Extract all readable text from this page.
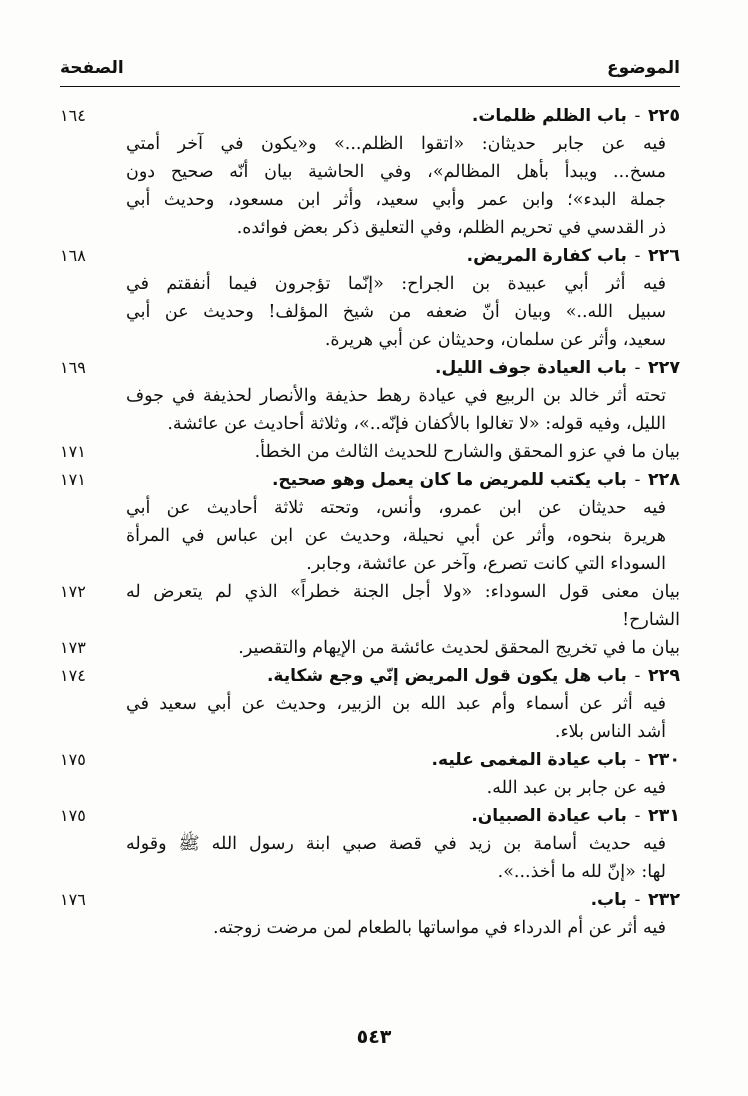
الموضوع
الصفحة
٢٢٥ - باب الظلم ظلمات.
١٦٤
فيه عن جابر حديثان: «اتقوا الظلم...» و«يكون في آخر أمتي
مسخ... ويبدأ بأهل المظالم»، وفي الحاشية بيان أنّه صحيح دون
جملة البدء»؛ وابن عمر وأبي سعيد، وأثر ابن مسعود، وحديث أبي
ذر القدسي في تحريم الظلم، وفي التعليق ذكر بعض فوائده.
٢٢٦ - باب كفارة المريض.
١٦٨
فيه أثر أبي عبيدة بن الجراح: «إنّما تؤجرون فيما أنفقتم في
سبيل الله..» وبيان أنّ ضعفه من شيخ المؤلف! وحديث عن أبي
سعيد، وأثر عن سلمان، وحديثان عن أبي هريرة.
٢٢٧ - باب العيادة جوف الليل.
١٦٩
تحته أثر خالد بن الربيع في عيادة رهط حذيفة والأنصار لحذيفة في جوف
الليل، وفيه قوله: «لا تغالوا بالأكفان فإنّه..»، وثلاثة أحاديث عن عائشة.
بيان ما في عزو المحقق والشارح للحديث الثالث من الخطأ.
١٧١
٢٢٨ - باب يكتب للمريض ما كان يعمل وهو صحيح.
١٧١
فيه حديثان عن ابن عمرو، وأنس، وتحته ثلاثة أحاديث عن أبي
هريرة بنحوه، وأثر عن أبي نحيلة، وحديث عن ابن عباس في المرأة
السوداء التي كانت تصرع، وآخر عن عائشة، وجابر.
بيان معنى قول السوداء: «ولا أجل الجنة خطراً» الذي لم يتعرض له
١٧٢
الشارح!
بيان ما في تخريج المحقق لحديث عائشة من الإيهام والتقصير.
١٧٣
٢٢٩ - باب هل يكون قول المريض إنّي وجع شكاية.
١٧٤
فيه أثر عن أسماء وأم عبد الله بن الزبير، وحديث عن أبي سعيد في
أشد الناس بلاء.
٢٣٠ - باب عيادة المغمى عليه.
١٧٥
فيه عن جابر بن عبد الله.
٢٣١ - باب عيادة الصبيان.
١٧٥
فيه حديث أسامة بن زيد في قصة صبي ابنة رسول الله ﷺ وقوله
لها: «إنّ لله ما أخذ...».
٢٣٢ - باب.
١٧٦
فيه أثر عن أم الدرداء في مواساتها بالطعام لمن مرضت زوجته.
٥٤٣
